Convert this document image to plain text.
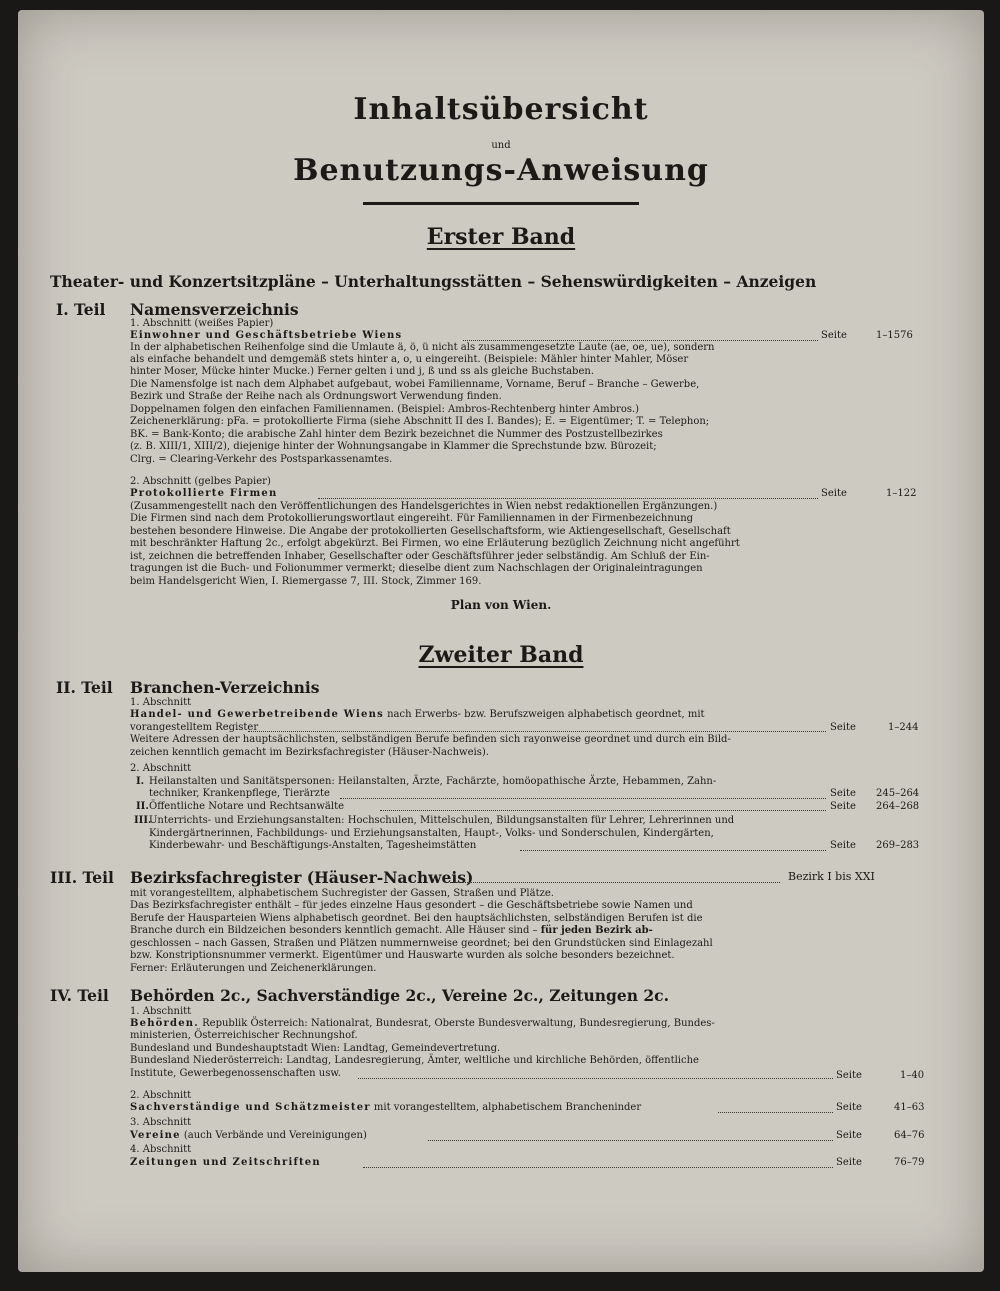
Inhaltsübersicht
und
Benutzungs-Anweisung
Erster Band
Theater- und Konzertsitzpläne – Unterhaltungsstätten – Sehenswürdigkeiten – Anzeigen
I. Teil Namensverzeichnis
1. Abschnitt (weißes Papier)
Einwohner und Geschäftsbetriebe Wiens	Seite	1–1576
In der alphabetischen Reihenfolge sind die Umlaute ä, ö, ü nicht als zusammengesetzte Laute (ae, oe, ue), sondern
als einfache behandelt und demgemäß stets hinter a, o, u eingereiht. (Beispiele: Mähler hinter Mahler, Möser
hinter Moser, Mücke hinter Mucke.) Ferner gelten i und j, ß und ss als gleiche Buchstaben.
Die Namensfolge ist nach dem Alphabet aufgebaut, wobei Familienname, Vorname, Beruf – Branche – Gewerbe,
Bezirk und Straße der Reihe nach als Ordnungswort Verwendung finden.
Doppelnamen folgen den einfachen Familiennamen. (Beispiel: Ambros-Rechtenberg hinter Ambros.)
Zeichenerklärung: pFa. = protokollierte Firma (siehe Abschnitt II des I. Bandes); E. = Eigentümer; T. = Telephon;
BK. = Bank-Konto; die arabische Zahl hinter dem Bezirk bezeichnet die Nummer des Postzustellbezirkes
(z. B. XIII/1, XIII/2), diejenige hinter der Wohnungsangabe in Klammer die Sprechstunde bzw. Bürozeit;
Clrg. = Clearing-Verkehr des Postsparkassenamtes.
2. Abschnitt (gelbes Papier)
Protokollierte Firmen	Seite	1–122
(Zusammengestellt nach den Veröffentlichungen des Handelsgerichtes in Wien nebst redaktionellen Ergänzungen.)
Die Firmen sind nach dem Protokollierungswortlaut eingereiht. Für Familiennamen in der Firmenbezeichnung
bestehen besondere Hinweise. Die Angabe der protokollierten Gesellschaftsform, wie Aktiengesellschaft, Gesellschaft
mit beschränkter Haftung 2c., erfolgt abgekürzt. Bei Firmen, wo eine Erläuterung bezüglich Zeichnung nicht angeführt
ist, zeichnen die betreffenden Inhaber, Gesellschafter oder Geschäftsführer jeder selbständig. Am Schluß der Ein-
tragungen ist die Buch- und Folionummer vermerkt; dieselbe dient zum Nachschlagen der Originaleintragungen
beim Handelsgericht Wien, I. Riemergasse 7, III. Stock, Zimmer 169.
Plan von Wien.
Zweiter Band
II. Teil Branchen-Verzeichnis
1. Abschnitt
Handel- und Gewerbetreibende Wiens nach Erwerbs- bzw. Berufszweigen alphabetisch geordnet, mit
vorangestelltem Register	Seite	1–244
Weitere Adressen der hauptsächlichsten, selbständigen Berufe befinden sich rayonweise geordnet und durch ein Bild-
zeichen kenntlich gemacht im Bezirksfachregister (Häuser-Nachweis).
2. Abschnitt
I. Heilanstalten und Sanitätspersonen: Heilanstalten, Ärzte, Fachärzte, homöopathische Ärzte, Hebammen, Zahn-
techniker, Krankenpflege, Tierärzte	Seite 245–264
II. Öffentliche Notare und Rechtsanwälte	Seite 264–268
III.
Unterrichts- und Erziehungsanstalten: Hochschulen, Mittelschulen, Bildungsanstalten für Lehrer, Lehrerinnen und
Kindergärtnerinnen, Fachbildungs- und Erziehungsanstalten, Haupt-, Volks- und Sonderschulen, Kindergärten,
Kinderbewahr- und Beschäftigungs-Anstalten, Tagesheimstätten	Seite 269–283
III. Teil Bezirksfachregister (Häuser-Nachweis)	Bezirk I bis XXI
mit vorangestelltem, alphabetischem Suchregister der Gassen, Straßen und Plätze.
Das Bezirksfachregister enthält – für jedes einzelne Haus gesondert – die Geschäftsbetriebe sowie Namen und
Berufe der Hausparteien Wiens alphabetisch geordnet. Bei den hauptsächlichsten, selbständigen Berufen ist die
Branche durch ein Bildzeichen besonders kenntlich gemacht. Alle Häuser sind – für jeden Bezirk ab-
geschlossen – nach Gassen, Straßen und Plätzen nummernweise geordnet; bei den Grundstücken sind Einlagezahl
bzw. Konstriptionsnummer vermerkt. Eigentümer und Hauswarte wurden als solche besonders bezeichnet.
Ferner: Erläuterungen und Zeichenerklärungen.
IV. Teil Behörden 2c., Sachverständige 2c., Vereine 2c., Zeitungen 2c.
1. Abschnitt
Behörden. Republik Österreich: Nationalrat, Bundesrat, Oberste Bundesverwaltung, Bundesregierung, Bundes-
ministerien, Österreichischer Rechnungshof.
Bundesland und Bundeshauptstadt Wien: Landtag, Gemeindevertretung.
Bundesland Niederösterreich: Landtag, Landesregierung, Ämter, weltliche und kirchliche Behörden, öffentliche
Institute, Gewerbegenossenschaften usw.	Seite	1–40
2. Abschnitt
Sachverständige und Schätzmeister mit vorangestelltem, alphabetischem Brancheninder	Seite	41–63
3. Abschnitt
Vereine (auch Verbände und Vereinigungen)	Seite	64–76
4. Abschnitt
Zeitungen und Zeitschriften	Seite	76–79
